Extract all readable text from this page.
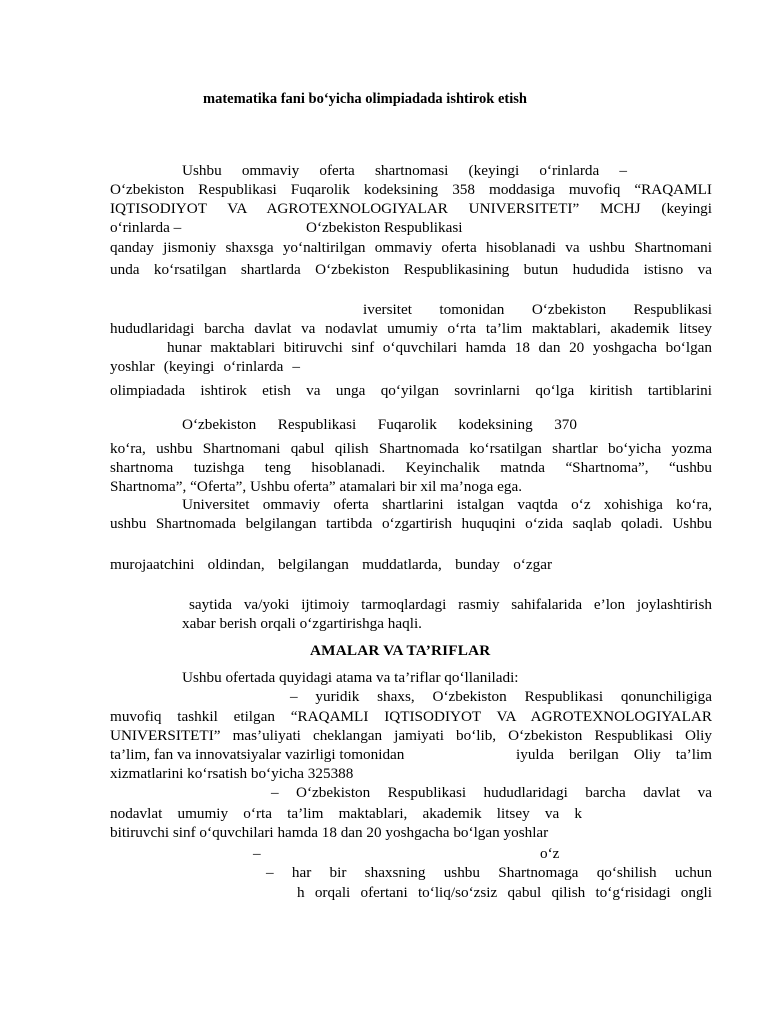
matematika fani bo‘yicha olimpiadada ishtirok etish
Ushbu ommaviy oferta shartnomasi (keyingi o‘rinlarda –
O‘zbekiston Respublikasi Fuqarolik kodeksining 358 moddasiga muvofiq “RAQAMLI
IQTISODIYOT VA AGROTEXNOLOGIYALAR UNIVERSITETI” MCHJ (keyingi
o‘rinlarda –	O‘zbekiston Respublikasi
qanday jismoniy shaxsga yo‘naltirilgan ommaviy oferta hisoblanadi va ushbu Shartnomani
unda ko‘rsatilgan shartlarda O‘zbekiston Respublikasining butun hududida istisno va
iversitet tomonidan O‘zbekiston Respublikasi
hududlaridagi barcha davlat va nodavlat umumiy o‘rta ta’lim maktablari, akademik litsey
hunar maktablari bitiruvchi sinf o‘quvchilari hamda 18 dan 20 yoshgacha bo‘lgan
yoshlar (keyingi o‘rinlarda –
olimpiadada ishtirok etish va unga qo‘yilgan sovrinlarni qo‘lga kiritish tartiblarini
O‘zbekiston Respublikasi Fuqarolik kodeksining 370
ko‘ra, ushbu Shartnomani qabul qilish Shartnomada ko‘rsatilgan shartlar bo‘yicha yozma
shartnoma tuzishga teng hisoblanadi. Keyinchalik matnda “Shartnoma”, “ushbu
Shartnoma”, “Oferta”, Ushbu oferta” atamalari bir xil ma’noga ega.
Universitet ommaviy oferta shartlarini istalgan vaqtda o‘z xohishiga ko‘ra,
ushbu Shartnomada belgilangan tartibda o‘zgartirish huquqini o‘zida saqlab qoladi. Ushbu
murojaatchini oldindan, belgilangan muddatlarda, bunday o‘zgar
saytida va/yoki ijtimoiy tarmoqlardagi rasmiy sahifalarida e’lon joylashtirish
xabar berish orqali o‘zgartirishga haqli.
AMALAR VA TA’RIFLAR
Ushbu ofertada quyidagi atama va ta’riflar qo‘llaniladi:
– yuridik shaxs, O‘zbekiston Respublikasi qonunchiligiga
muvofiq tashkil etilgan “RAQAMLI IQTISODIYOT VA AGROTEXNOLOGIYALAR
UNIVERSITETI” mas’uliyati cheklangan jamiyati bo‘lib, O‘zbekiston Respublikasi Oliy
ta’lim, fan va innovatsiyalar vazirligi tomonidan	iyulda berilgan Oliy ta’lim
xizmatlarini ko‘rsatish bo‘yicha 325388
– O‘zbekiston Respublikasi hududlaridagi barcha davlat va
nodavlat umumiy o‘rta ta’lim maktablari, akademik litsey va k
bitiruvchi sinf o‘quvchilari hamda 18 dan 20 yoshgacha bo‘lgan yoshlar
–	o‘z
– har bir shaxsning ushbu Shartnomaga qo‘shilish uchun
h orqali ofertani to‘liq/so‘zsiz qabul qilish to‘g‘risidagi ongli
